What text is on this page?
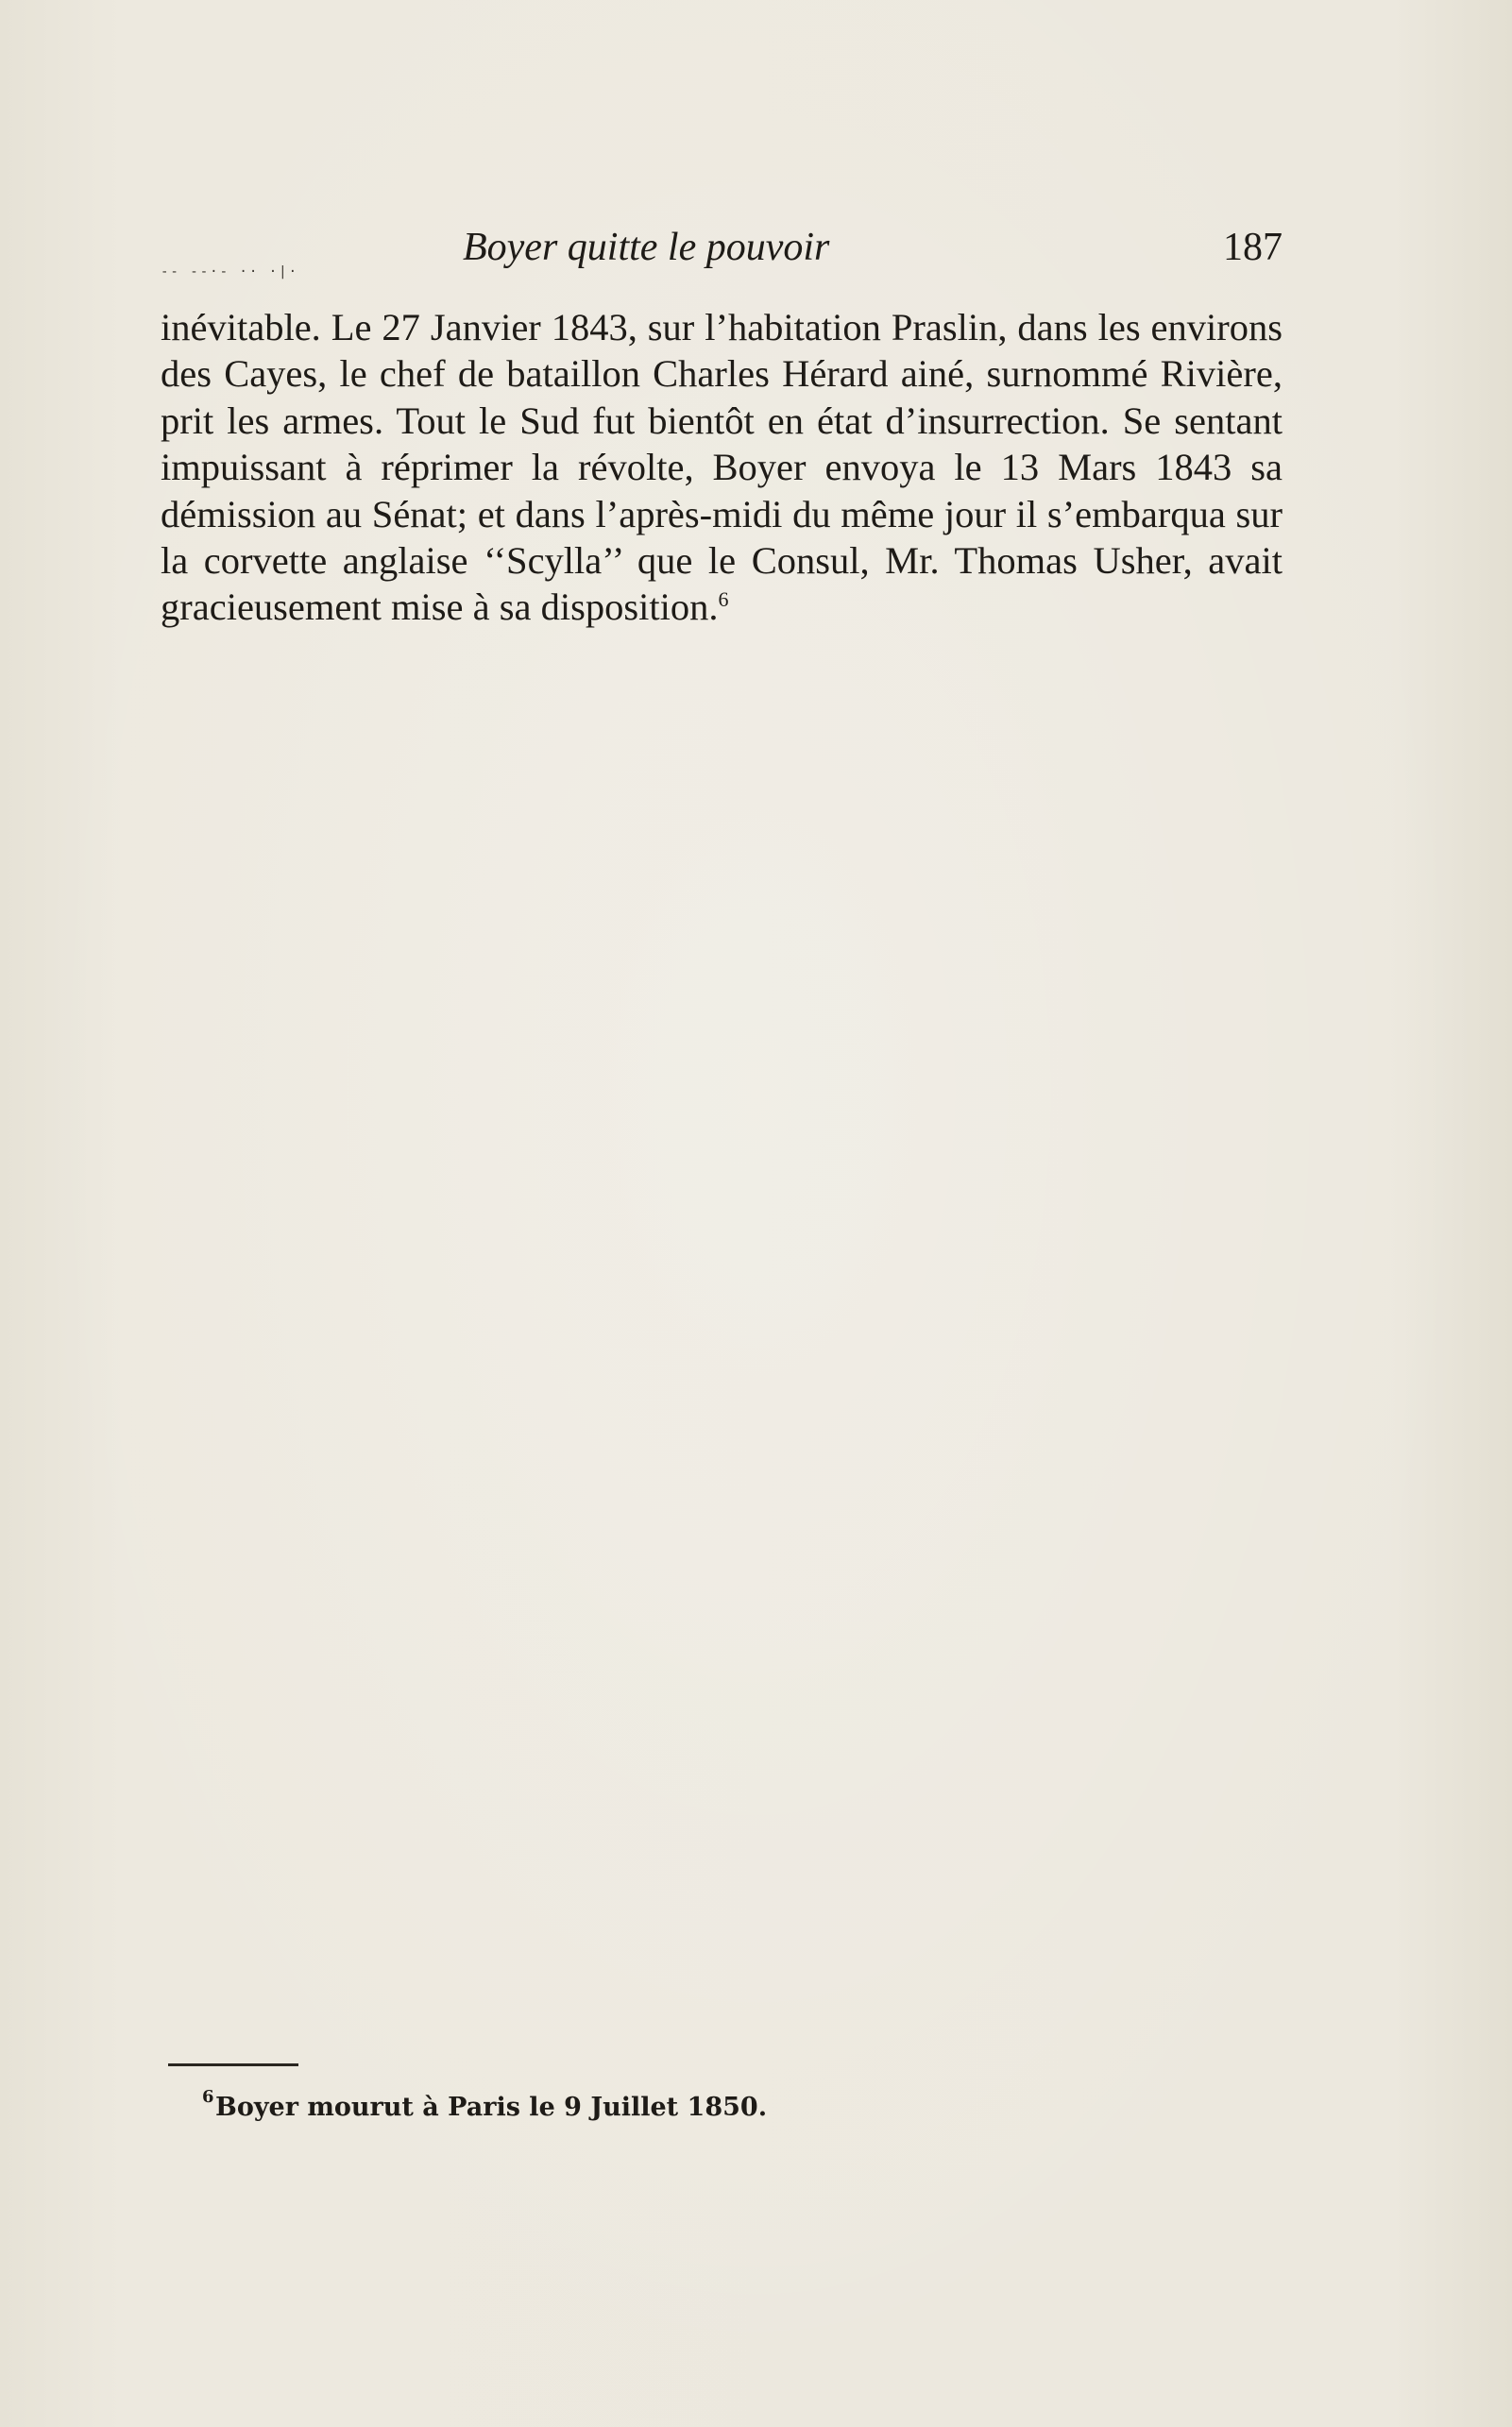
-- --·- ·· ·|·
Boyer quitte le pouvoir	187

inévitable. Le 27 Janvier 1843, sur l’habitation Praslin, dans les environs des Cayes, le chef de bataillon Charles Hérard ainé, surnommé Rivière, prit les armes. Tout le Sud fut bientôt en état d’insurrection. Se sentant impuissant à réprimer la révolte, Boyer envoya le 13 Mars 1843 sa démission au Sénat; et dans l’après-midi du même jour il s’embarqua sur la corvette anglaise ‘‘Scylla’’ que le Consul, Mr. Thomas Usher, avait gracieusement mise à sa disposition.$^6$

6 Boyer mourut à Paris le 9 Juillet 1850.
